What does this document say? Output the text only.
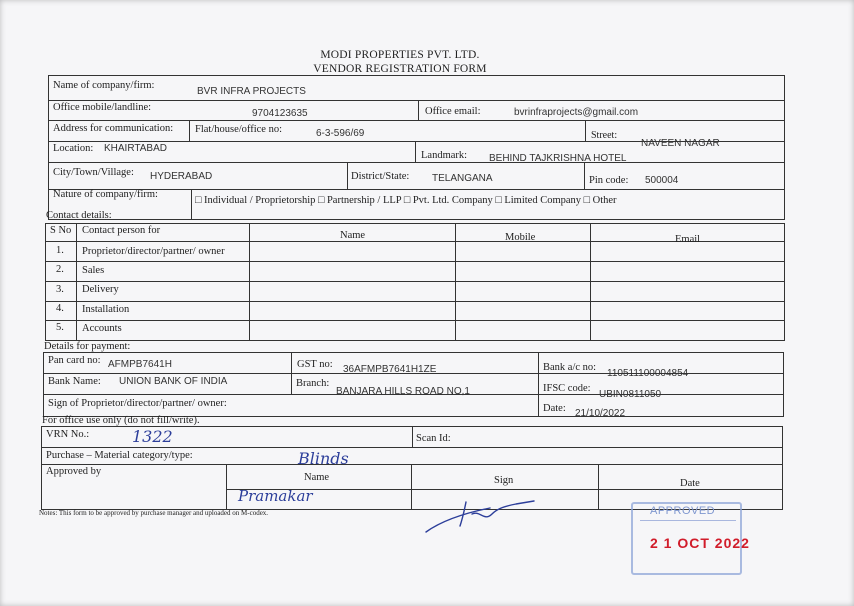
MODI PROPERTIES PVT. LTD.
VENDOR REGISTRATION FORM
Name of company/firm:
BVR INFRA PROJECTS
Office mobile/landline:
9704123635	Office email:	bvrinfraprojects@gmail.com
Address for communication: Flat/house/office no:	6-3-596/69	Street:
NAVEEN NAGAR
Location: KHAIRTABAD
Landmark: BEHIND TAJKRISHNA HOTEL
City/Town/Village: HYDERABAD	District/State: TELANGANA	Pin code: 500004
Nature of company/firm:
□ Individual / Proprietorship □ Partnership / LLP □ Pvt. Ltd. Company □ Limited Company □ Other
Contact details:
S No Contact person for	Name	Mobile	Email
1. Proprietor/director/partner/ owner
2. Sales
3. Delivery
4. Installation
5. Accounts
Details for payment:
Pan card no: AFMPB7641H	GST no: 36AFMPB7641H1ZE	Bank a/c no:
110511100004854
Bank Name: UNION BANK OF INDIA	Branch:
BANJARA HILLS ROAD NO,1	IFSC code:
UBIN0811050
Sign of Proprietor/director/partner/ owner:	Date: 21/10/2022
For office use only (do not fill/write).
VRN No.:	1322	Scan Id:
Purchase – Material category/type:	Blinds
Approved by
Name	Sign	Date
Pramakar
Notes: This form to be approved by purchase manager and uploaded on M-codex.	APPROVED
2 1 OCT 2022
